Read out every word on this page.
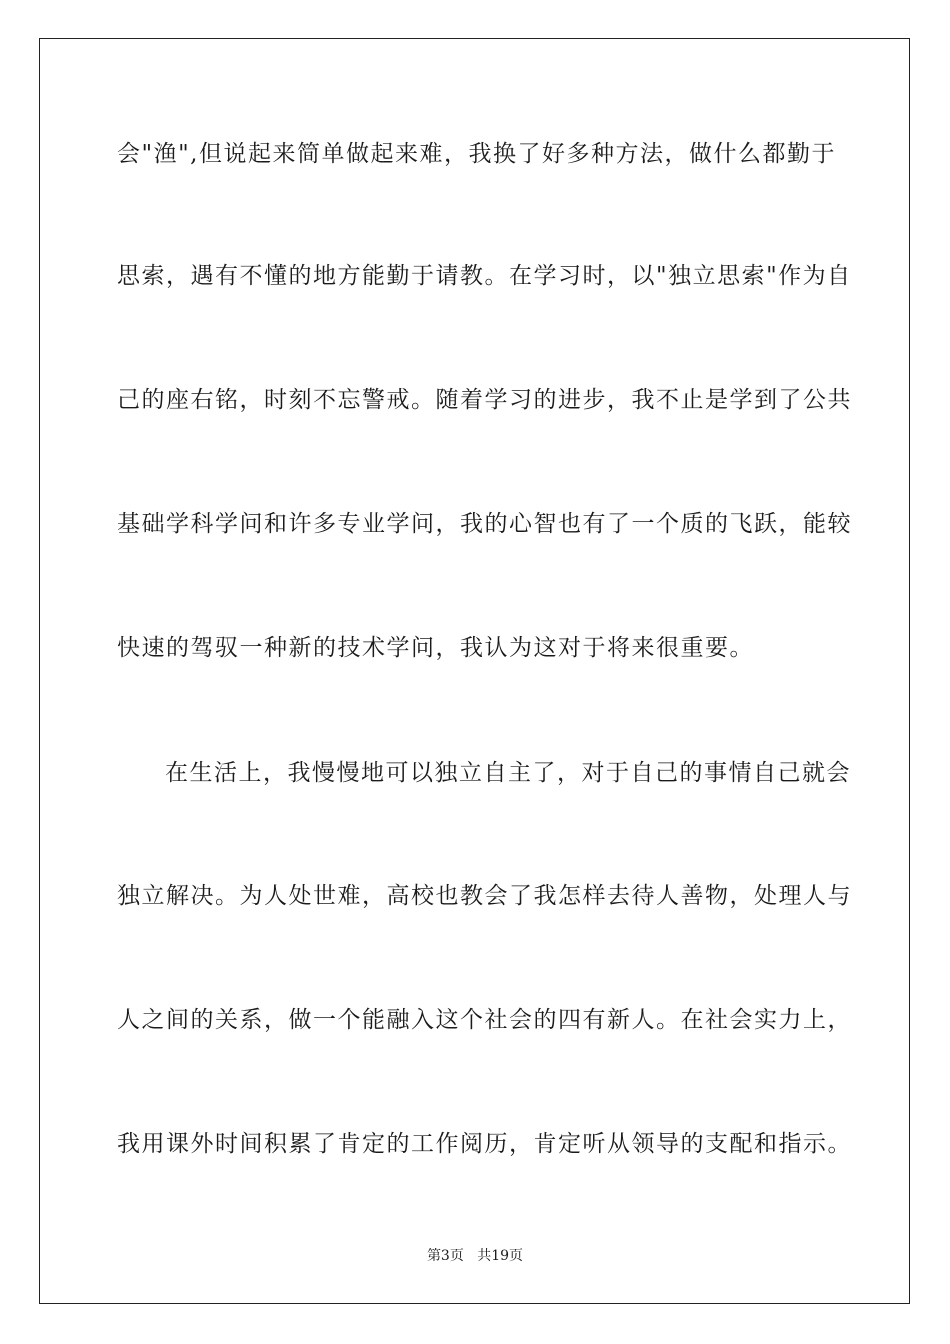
会"渔",但说起来简单做起来难，我换了好多种方法，做什么都勤于
思索，遇有不懂的地方能勤于请教。在学习时，以"独立思索"作为自
己的座右铭，时刻不忘警戒。随着学习的进步，我不止是学到了公共
基础学科学问和许多专业学问，我的心智也有了一个质的飞跃，能较
快速的驾驭一种新的技术学问，我认为这对于将来很重要。
在生活上，我慢慢地可以独立自主了，对于自己的事情自己就会
独立解决。为人处世难，高校也教会了我怎样去待人善物，处理人与
人之间的关系，做一个能融入这个社会的四有新人。在社会实力上，
我用课外时间积累了肯定的工作阅历，肯定听从领导的支配和指示。
第3页 共19页
